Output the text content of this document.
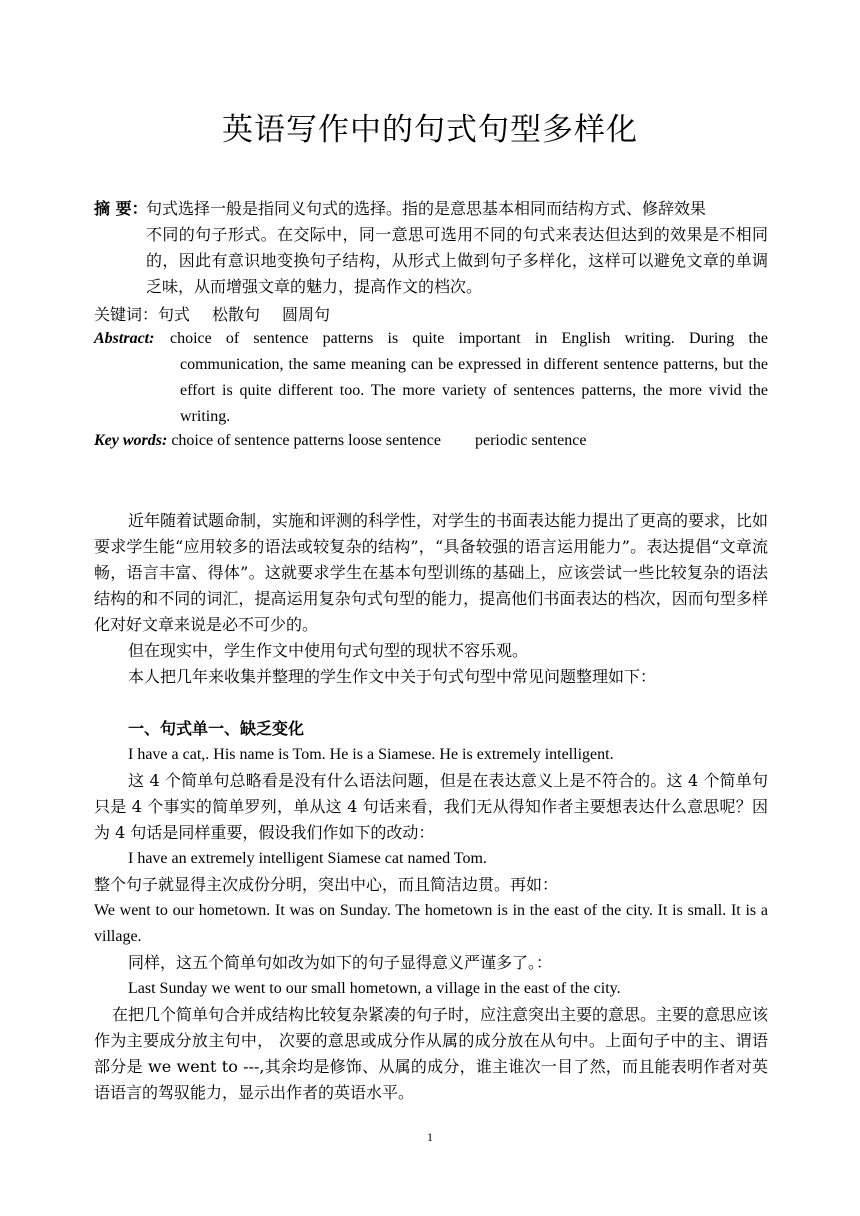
英语写作中的句式句型多样化
摘 要：
句式选择一般是指同义句式的选择。指的是意思基本相同而结构方式、修辞效果
不同的句子形式。在交际中，同一意思可选用不同的句式来表达但达到的效果是不相同的，因此有意识地变换句子结构，从形式上做到句子多样化，这样可以避免文章的单调乏味，从而增强文章的魅力，提高作文的档次。
关键词：句式 松散句 圆周句
Abstract: choice of sentence patterns is quite important in English writing. During the
communication, the same meaning can be expressed in different sentence patterns, but the effort is quite different too. The more variety of sentences patterns, the more vivid the writing.
Key words: choice of sentence patterns loose sentence periodic sentence

近年随着试题命制，实施和评测的科学性，对学生的书面表达能力提出了更高的要求，比如要求学生能“应用较多的语法或较复杂的结构”，“具备较强的语言运用能力”。表达提倡“文章流畅，语言丰富、得体”。这就要求学生在基本句型训练的基础上，应该尝试一些比较复杂的语法结构的和不同的词汇，提高运用复杂句式句型的能力，提高他们书面表达的档次，因而句型多样化对好文章来说是必不可少的。

但在现实中，学生作文中使用句式句型的现状不容乐观。

本人把几年来收集并整理的学生作文中关于句式句型中常见问题整理如下：

一、句式单一、缺乏变化

I have a cat,. His name is Tom. He is a Siamese. He is extremely intelligent.

这 4 个简单句总略看是没有什么语法问题，但是在表达意义上是不符合的。这 4 个简单句只是 4 个事实的简单罗列，单从这 4 句话来看，我们无从得知作者主要想表达什么意思呢？因为 4 句话是同样重要，假设我们作如下的改动：

I have an extremely intelligent Siamese cat named Tom.

整个句子就显得主次成份分明，突出中心，而且简洁边贯。再如：

We went to our hometown. It was on Sunday. The hometown is in the east of the city. It is small. It is a village.

同样，这五个简单句如改为如下的句子显得意义严谨多了。：

Last Sunday we went to our small hometown, a village in the east of the city.

在把几个简单句合并成结构比较复杂紧凑的句子时，应注意突出主要的意思。主要的意思应该作为主要成分放主句中， 次要的意思或成分作从属的成分放在从句中。上面句子中的主、谓语部分是 we went to ---,其余均是修饰、从属的成分，谁主谁次一目了然，而且能表明作者对英语语言的驾驭能力，显示出作者的英语水平。

1
